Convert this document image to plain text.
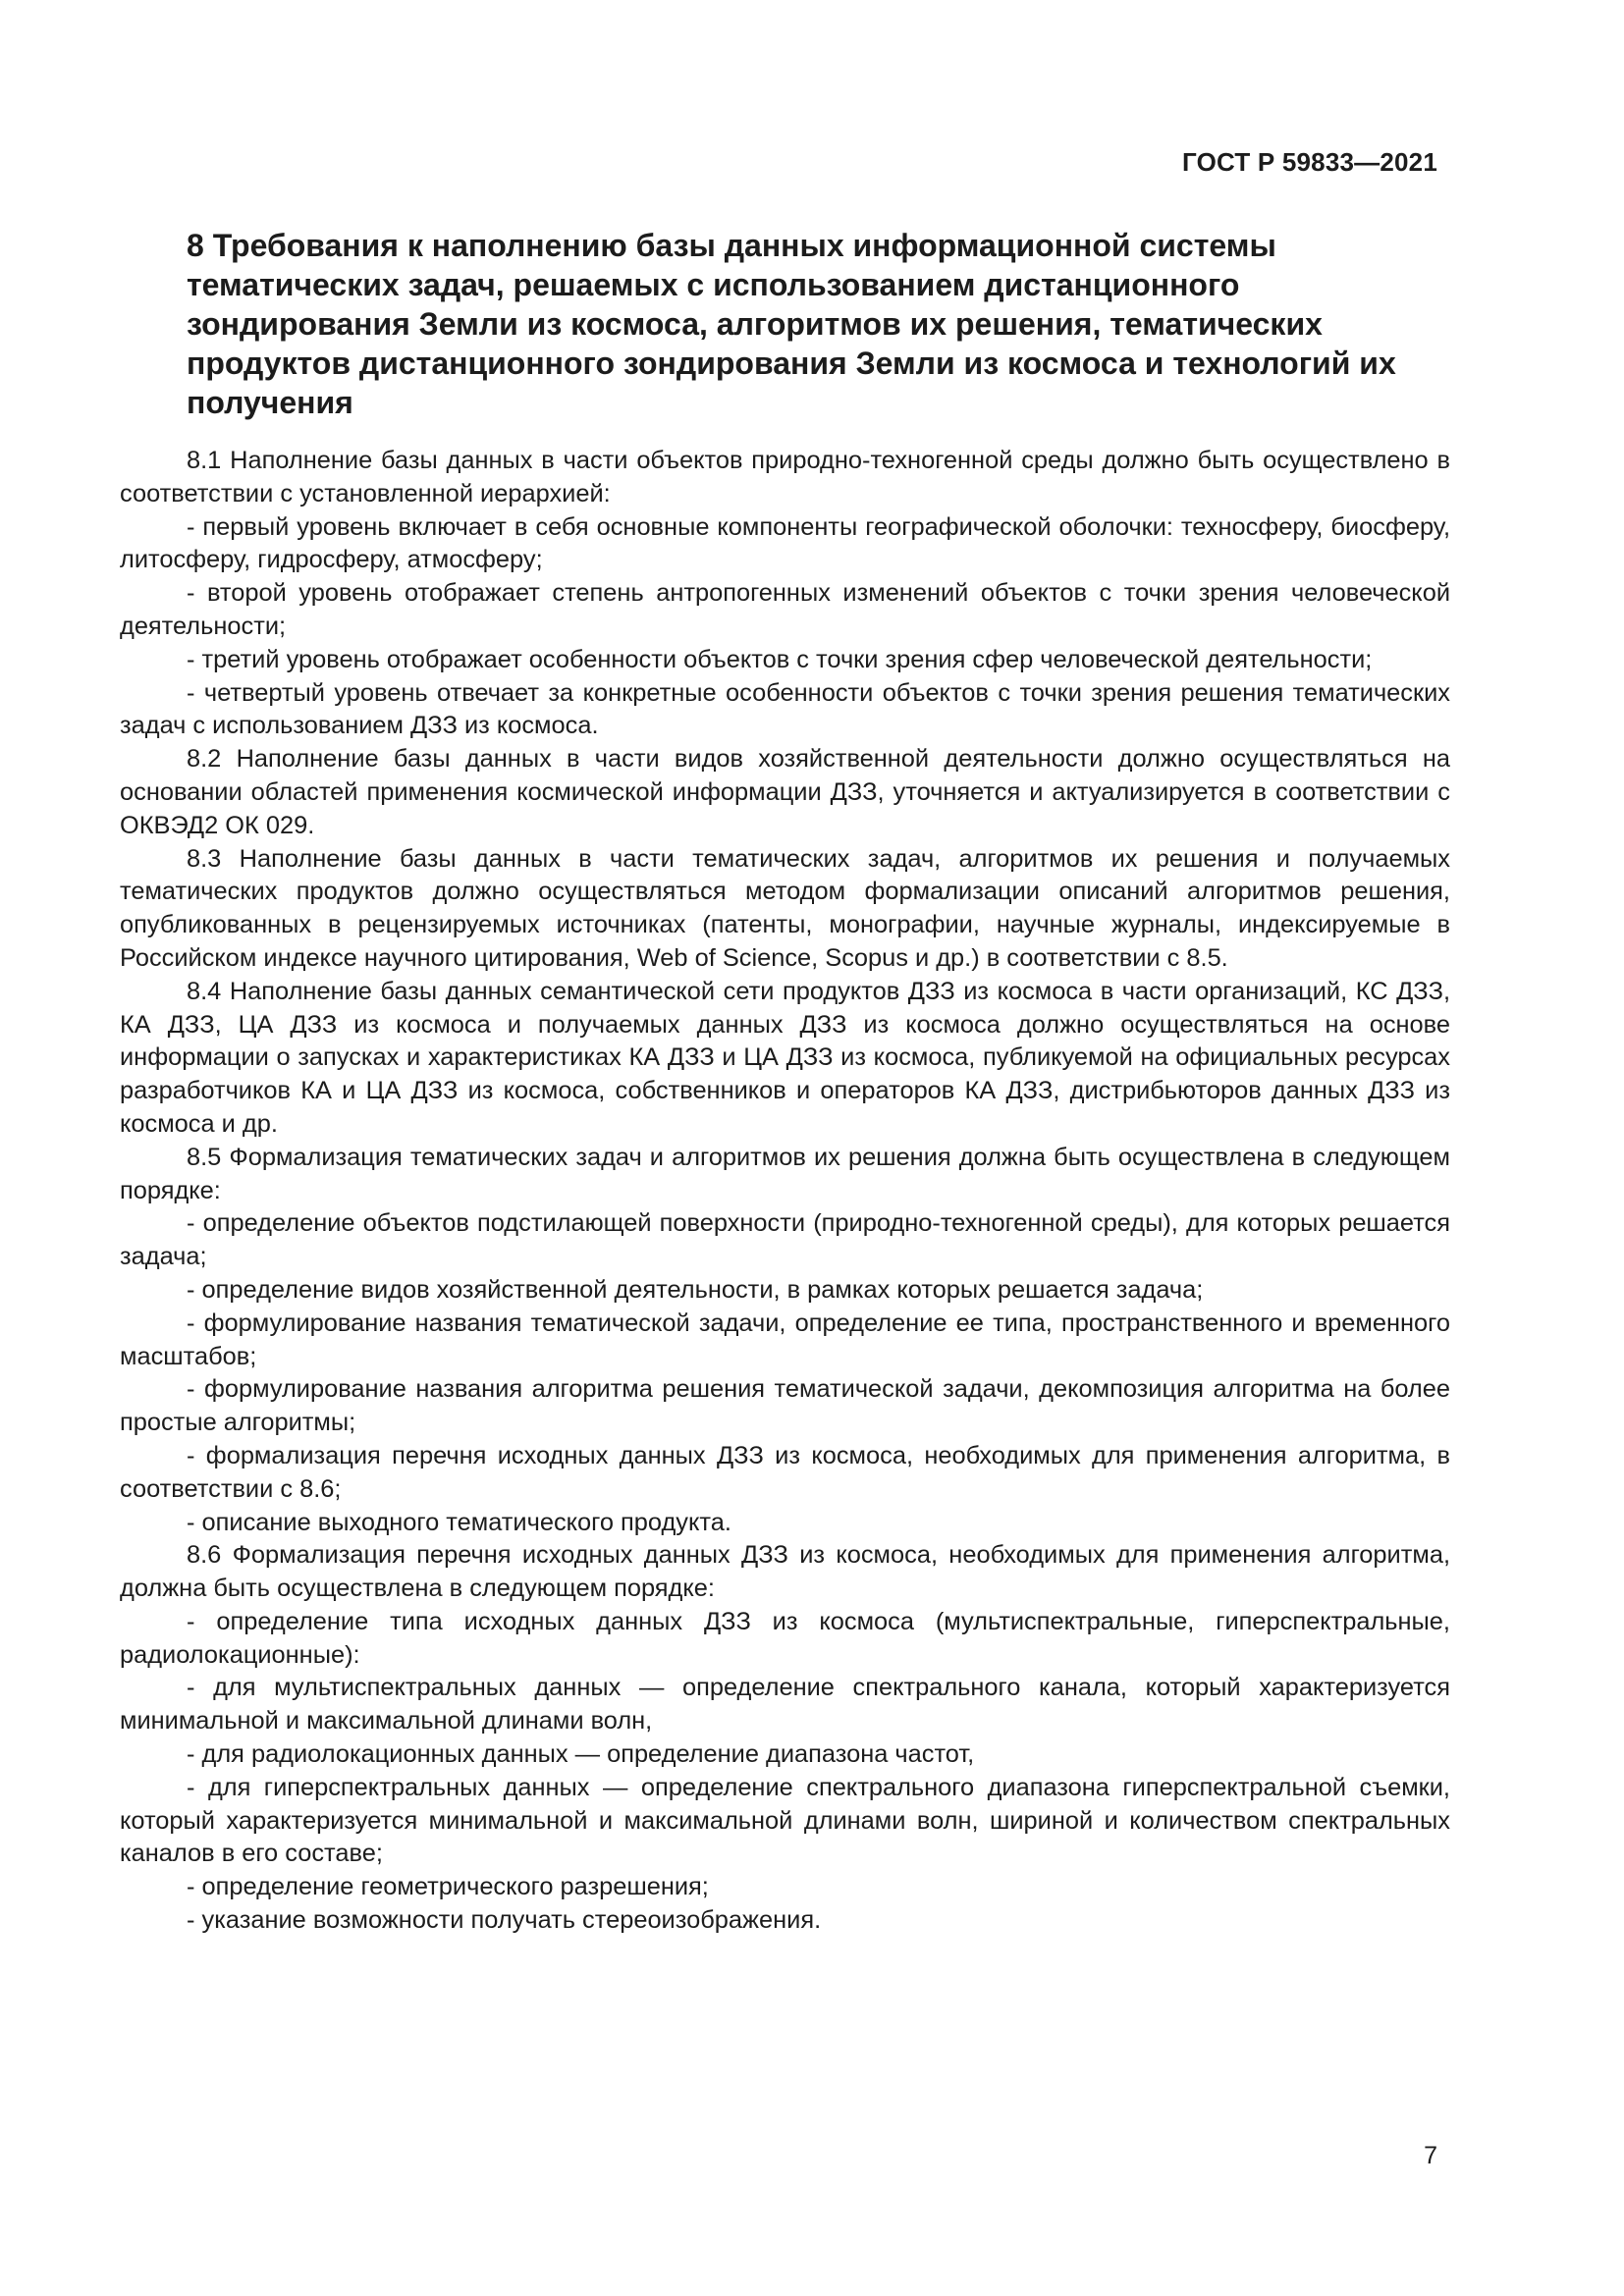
ГОСТ Р 59833—2021
8 Требования к наполнению базы данных информационной системы тематических задач, решаемых с использованием дистанционного зондирования Земли из космоса, алгоритмов их решения, тематических продуктов дистанционного зондирования Земли из космоса и технологий их получения

8.1 Наполнение базы данных в части объектов природно-техногенной среды должно быть осуществлено в соответствии с установленной иерархией:

- первый уровень включает в себя основные компоненты географической оболочки: техносферу, биосферу, литосферу, гидросферу, атмосферу;

- второй уровень отображает степень антропогенных изменений объектов с точки зрения человеческой деятельности;

- третий уровень отображает особенности объектов с точки зрения сфер человеческой деятельности;

- четвертый уровень отвечает за конкретные особенности объектов с точки зрения решения тематических задач с использованием ДЗЗ из космоса.

8.2 Наполнение базы данных в части видов хозяйственной деятельности должно осуществляться на основании областей применения космической информации ДЗЗ, уточняется и актуализируется в соответствии с ОКВЭД2 ОК 029.

8.3 Наполнение базы данных в части тематических задач, алгоритмов их решения и получаемых тематических продуктов должно осуществляться методом формализации описаний алгоритмов решения, опубликованных в рецензируемых источниках (патенты, монографии, научные журналы, индексируемые в Российском индексе научного цитирования, Web of Science, Scopus и др.) в соответствии с 8.5.

8.4 Наполнение базы данных семантической сети продуктов ДЗЗ из космоса в части организаций, КС ДЗЗ, КА ДЗЗ, ЦА ДЗЗ из космоса и получаемых данных ДЗЗ из космоса должно осуществляться на основе информации о запусках и характеристиках КА ДЗЗ и ЦА ДЗЗ из космоса, публикуемой на официальных ресурсах разработчиков КА и ЦА ДЗЗ из космоса, собственников и операторов КА ДЗЗ, дистрибьюторов данных ДЗЗ из космоса и др.

8.5 Формализация тематических задач и алгоритмов их решения должна быть осуществлена в следующем порядке:

- определение объектов подстилающей поверхности (природно-техногенной среды), для которых решается задача;

- определение видов хозяйственной деятельности, в рамках которых решается задача;

- формулирование названия тематической задачи, определение ее типа, пространственного и временного масштабов;

- формулирование названия алгоритма решения тематической задачи, декомпозиция алгоритма на более простые алгоритмы;

- формализация перечня исходных данных ДЗЗ из космоса, необходимых для применения алгоритма, в соответствии с 8.6;

- описание выходного тематического продукта.

8.6 Формализация перечня исходных данных ДЗЗ из космоса, необходимых для применения алгоритма, должна быть осуществлена в следующем порядке:

- определение типа исходных данных ДЗЗ из космоса (мультиспектральные, гиперспектральные, радиолокационные):

- для мультиспектральных данных — определение спектрального канала, который характеризуется минимальной и максимальной длинами волн,

- для радиолокационных данных — определение диапазона частот,

- для гиперспектральных данных — определение спектрального диапазона гиперспектральной съемки, который характеризуется минимальной и максимальной длинами волн, шириной и количеством спектральных каналов в его составе;

- определение геометрического разрешения;

- указание возможности получать стереоизображения.

7
